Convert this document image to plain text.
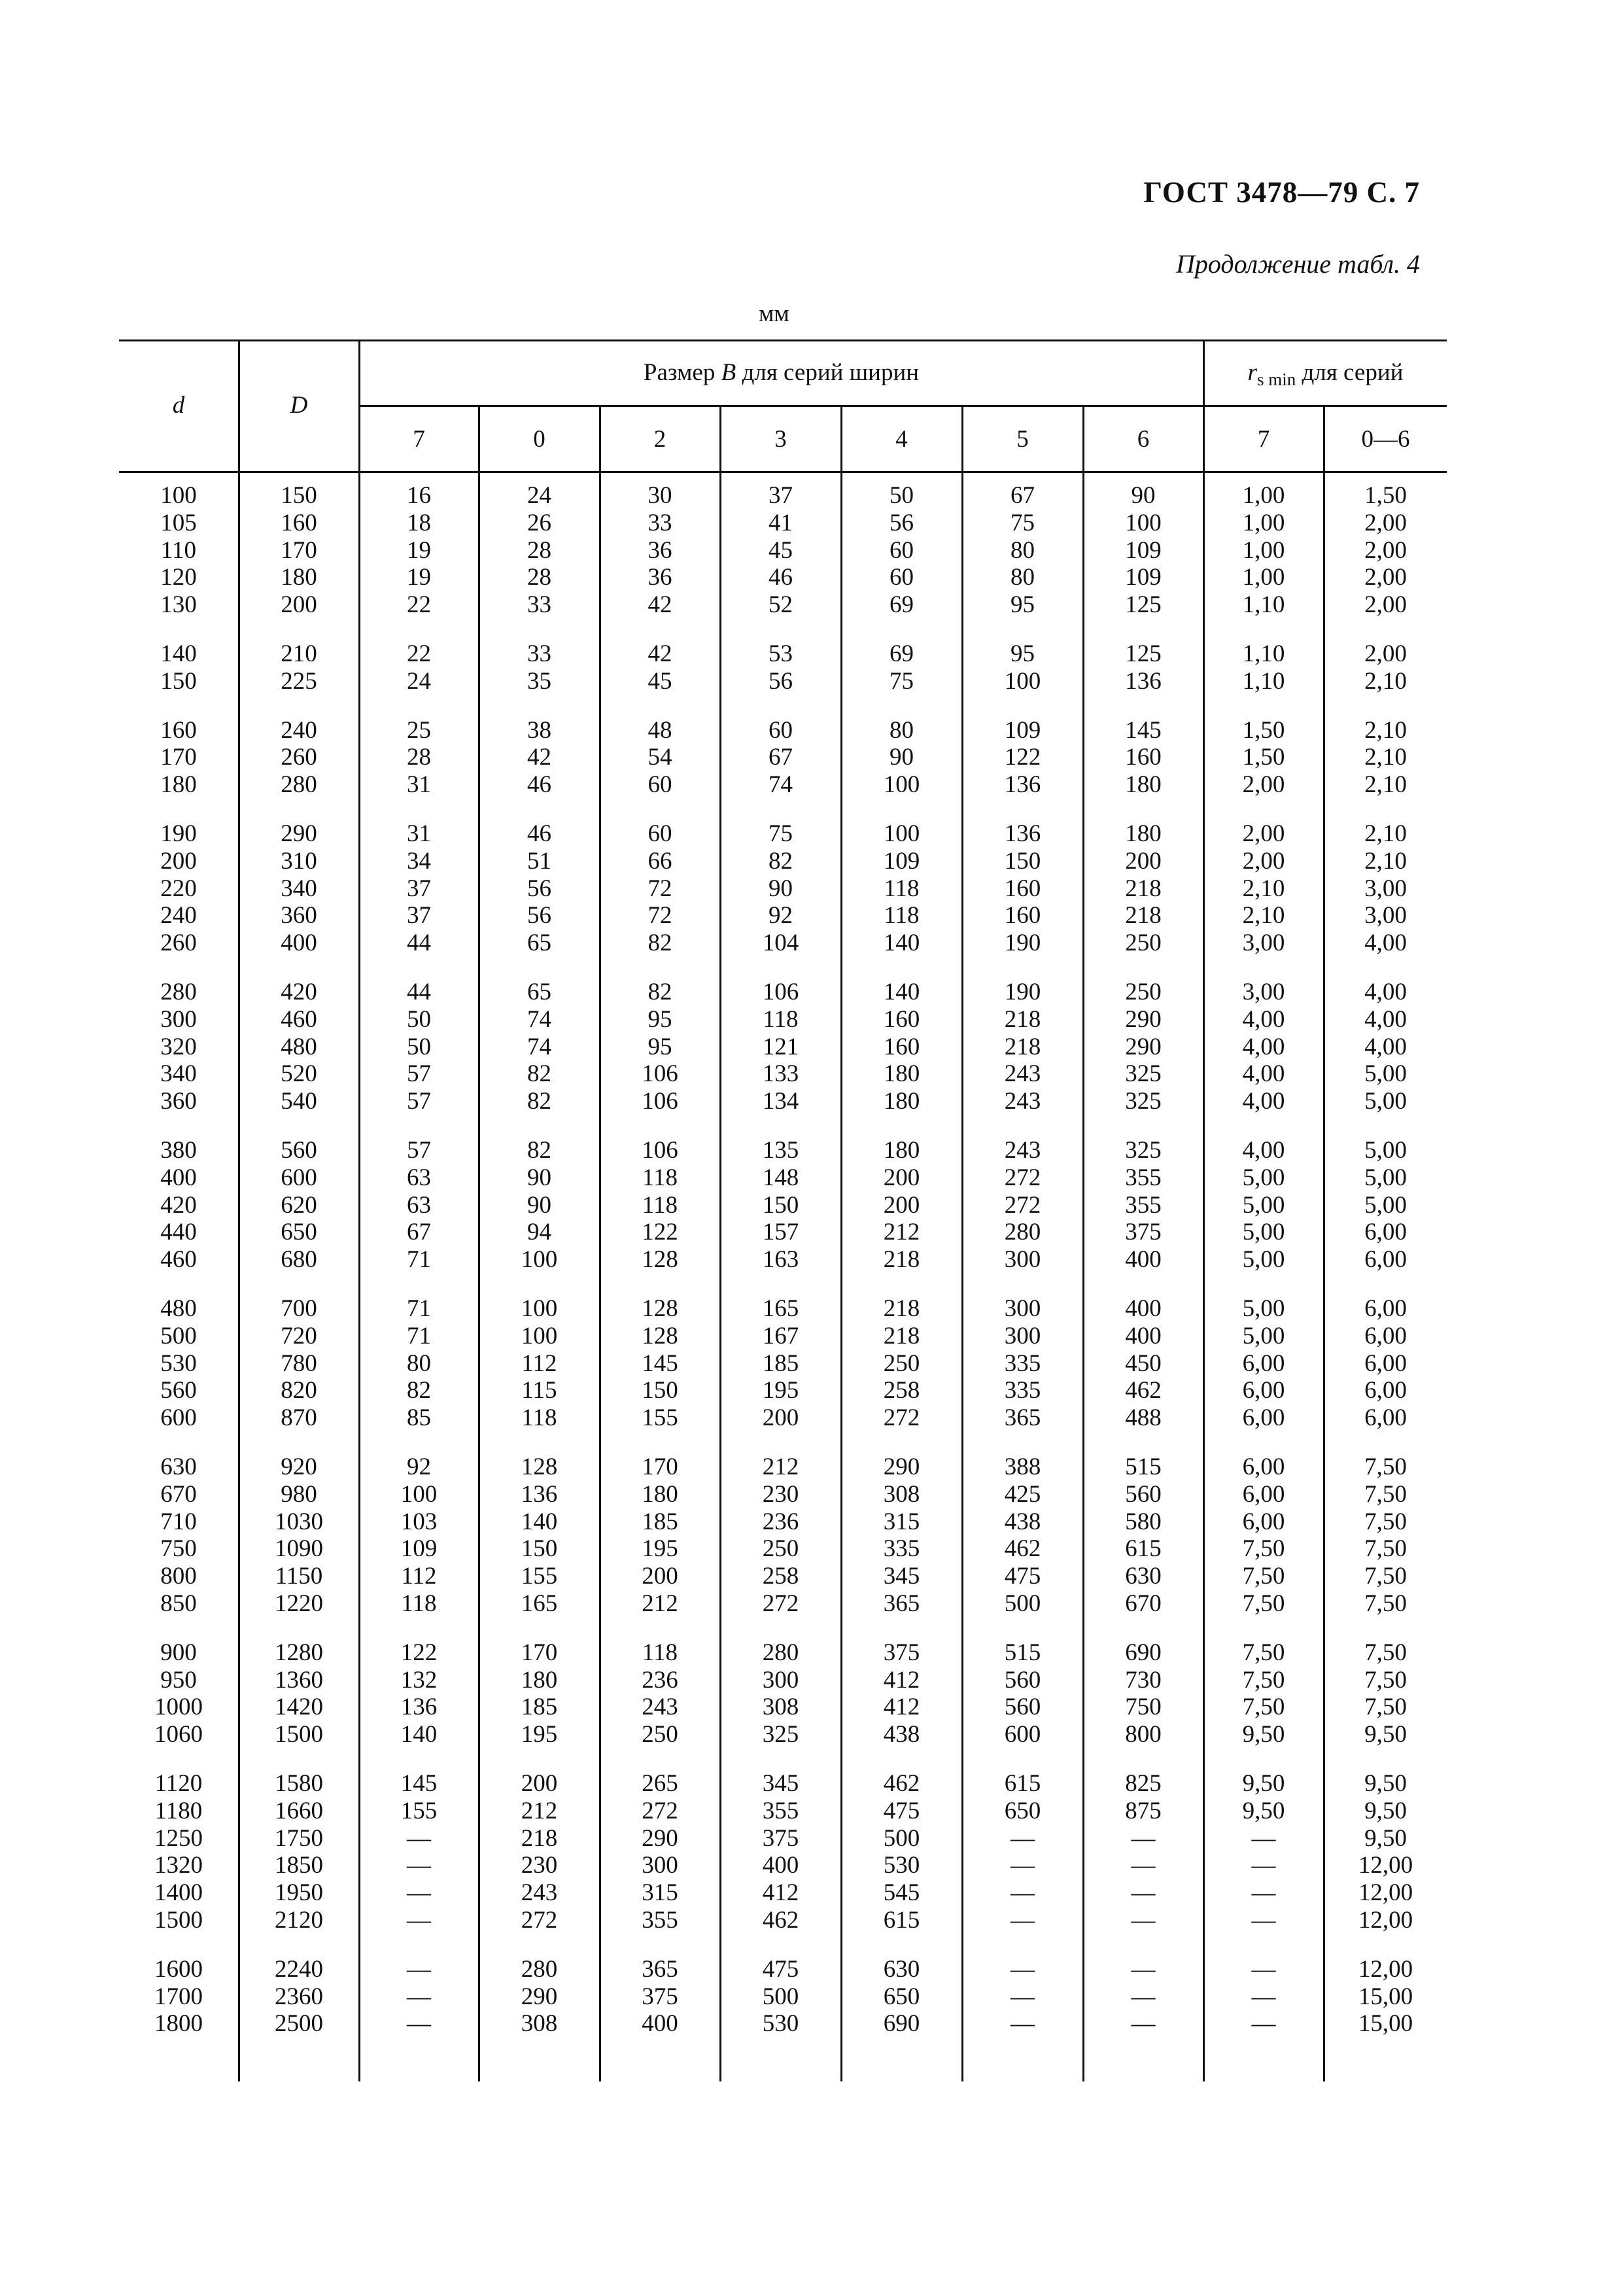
ГОСТ 3478—79 С. 7
Продолжение табл. 4
мм
d	D
Размер B для серий ширин	$r_{s min}$ для серий
7	0	2	3	4	5	6	7	0—6
100	150	16	24	30	37	50	67	90	1,00	1,50
105	160	18	26	33	41	56	75	100	1,00	2,00
110	170	19	28	36	45	60	80	109	1,00	2,00
120	180	19	28	36	46	60	80	109	1,00	2,00
130	200	22	33	42	52	69	95	125	1,10	2,00
140	210	22	33	42	53	69	95	125	1,10	2,00
150	225	24	35	45	56	75	100	136	1,10	2,10
160	240	25	38	48	60	80	109	145	1,50	2,10
170	260	28	42	54	67	90	122	160	1,50	2,10
180	280	31	46	60	74	100	136	180	2,00	2,10
190	290	31	46	60	75	100	136	180	2,00	2,10
200	310	34	51	66	82	109	150	200	2,00	2,10
220	340	37	56	72	90	118	160	218	2,10	3,00
240	360	37	56	72	92	118	160	218	2,10	3,00
260	400	44	65	82	104	140	190	250	3,00	4,00
280	420	44	65	82	106	140	190	250	3,00	4,00
300	460	50	74	95	118	160	218	290	4,00	4,00
320	480	50	74	95	121	160	218	290	4,00	4,00
340	520	57	82	106	133	180	243	325	4,00	5,00
360	540	57	82	106	134	180	243	325	4,00	5,00
380	560	57	82	106	135	180	243	325	4,00	5,00
400	600	63	90	118	148	200	272	355	5,00	5,00
420	620	63	90	118	150	200	272	355	5,00	5,00
440	650	67	94	122	157	212	280	375	5,00	6,00
460	680	71	100	128	163	218	300	400	5,00	6,00
480	700	71	100	128	165	218	300	400	5,00	6,00
500	720	71	100	128	167	218	300	400	5,00	6,00
530	780	80	112	145	185	250	335	450	6,00	6,00
560	820	82	115	150	195	258	335	462	6,00	6,00
600	870	85	118	155	200	272	365	488	6,00	6,00
630	920	92	128	170	212	290	388	515	6,00	7,50
670	980	100	136	180	230	308	425	560	6,00	7,50
710	1030	103	140	185	236	315	438	580	6,00	7,50
750	1090	109	150	195	250	335	462	615	7,50	7,50
800	1150	112	155	200	258	345	475	630	7,50	7,50
850	1220	118	165	212	272	365	500	670	7,50	7,50
900	1280	122	170	118	280	375	515	690	7,50	7,50
950	1360	132	180	236	300	412	560	730	7,50	7,50
1000	1420	136	185	243	308	412	560	750	7,50	7,50
1060	1500	140	195	250	325	438	600	800	9,50	9,50
1120	1580	145	200	265	345	462	615	825	9,50	9,50
1180	1660	155	212	272	355	475	650	875	9,50	9,50
1250	1750	—	218	290	375	500	—	—	—	9,50
1320	1850	—	230	300	400	530	—	—	—	12,00
1400	1950	—	243	315	412	545	—	—	—	12,00
1500	2120	—	272	355	462	615	—	—	—	12,00
1600	2240	—	280	365	475	630	—	—	—	12,00
1700	2360	—	290	375	500	650	—	—	—	15,00
1800	2500	—	308	400	530	690	—	—	—	15,00
